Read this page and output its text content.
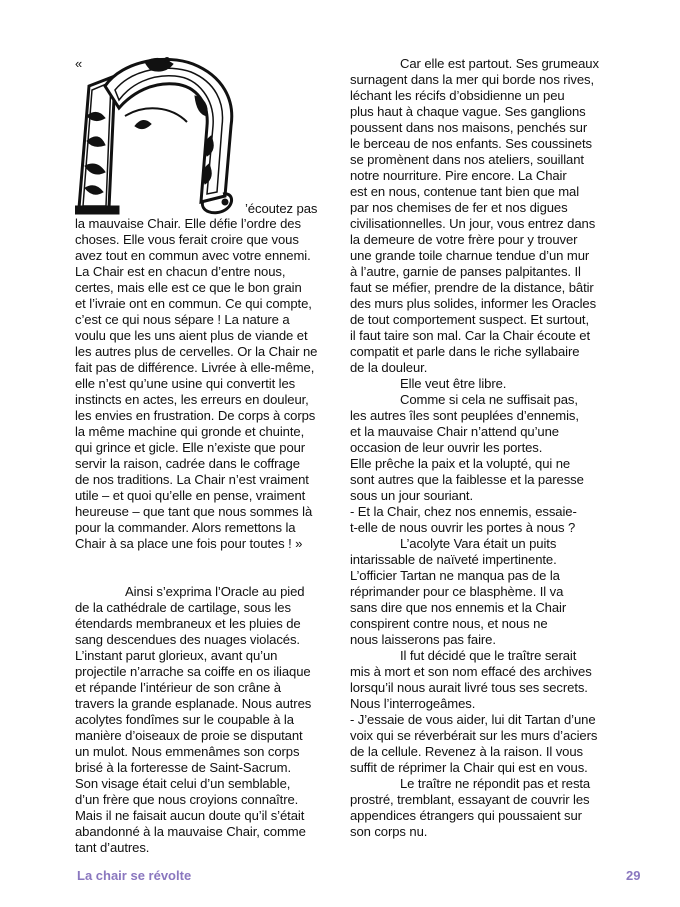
«
’écoutez pas

la mauvaise Chair. Elle défie l’ordre des

choses. Elle vous ferait croire que vous

avez tout en commun avec votre ennemi.

La Chair est en chacun d’entre nous,

certes, mais elle est ce que le bon grain

et l’ivraie ont en commun. Ce qui compte,

c’est ce qui nous sépare ! La nature a

voulu que les uns aient plus de viande et

les autres plus de cervelles. Or la Chair ne

fait pas de différence. Livrée à elle-même,

elle n’est qu’une usine qui convertit les

instincts en actes, les erreurs en douleur,

les envies en frustration. De corps à corps

la même machine qui gronde et chuinte,

qui grince et gicle. Elle n’existe que pour

servir la raison, cadrée dans le coffrage

de nos traditions. La Chair n’est vraiment

utile – et quoi qu’elle en pense, vraiment

heureuse – que tant que nous sommes là

pour la commander. Alors remettons la

Chair à sa place une fois pour toutes ! »

Ainsi s’exprima l’Oracle au pied

de la cathédrale de cartilage, sous les

étendards membraneux et les pluies de

sang descendues des nuages violacés.

L’instant parut glorieux, avant qu’un

projectile n’arrache sa coiffe en os iliaque

et répande l’intérieur de son crâne à

travers la grande esplanade. Nous autres

acolytes fondîmes sur le coupable à la

manière d’oiseaux de proie se disputant

un mulot. Nous emmenâmes son corps

brisé à la forteresse de Saint-Sacrum.

Son visage était celui d’un semblable,

d’un frère que nous croyions connaître.

Mais il ne faisait aucun doute qu’il s’était

abandonné à la mauvaise Chair, comme

tant d’autres.

Car elle est partout. Ses grumeaux

surnagent dans la mer qui borde nos rives,

léchant les récifs d’obsidienne un peu

plus haut à chaque vague. Ses ganglions

poussent dans nos maisons, penchés sur

le berceau de nos enfants. Ses coussinets

se promènent dans nos ateliers, souillant

notre nourriture. Pire encore. La Chair

est en nous, contenue tant bien que mal

par nos chemises de fer et nos digues

civilisationnelles. Un jour, vous entrez dans

la demeure de votre frère pour y trouver

une grande toile charnue tendue d’un mur

à l’autre, garnie de panses palpitantes. Il

faut se méfier, prendre de la distance, bâtir

des murs plus solides, informer les Oracles

de tout comportement suspect. Et surtout,

il faut taire son mal. Car la Chair écoute et

compatit et parle dans le riche syllabaire

de la douleur.

Elle veut être libre.

Comme si cela ne suffisait pas,

les autres îles sont peuplées d’ennemis,

et la mauvaise Chair n’attend qu’une

occasion de leur ouvrir les portes.

Elle prêche la paix et la volupté, qui ne

sont autres que la faiblesse et la paresse

sous un jour souriant.

- Et la Chair, chez nos ennemis, essaie-

t-elle de nous ouvrir les portes à nous ?

L’acolyte Vara était un puits

intarissable de naïveté impertinente.

L’officier Tartan ne manqua pas de la

réprimander pour ce blasphème. Il va

sans dire que nos ennemis et la Chair

conspirent contre nous, et nous ne

nous laisserons pas faire.

Il fut décidé que le traître serait

mis à mort et son nom effacé des archives

lorsqu’il nous aurait livré tous ses secrets.

Nous l’interrogeâmes.

- J’essaie de vous aider, lui dit Tartan d’une

voix qui se réverbérait sur les murs d’aciers

de la cellule. Revenez à la raison. Il vous

suffit de réprimer la Chair qui est en vous.

Le traître ne répondit pas et resta

prostré, tremblant, essayant de couvrir les

appendices étrangers qui poussaient sur

son corps nu.

La chair se révolte	29
